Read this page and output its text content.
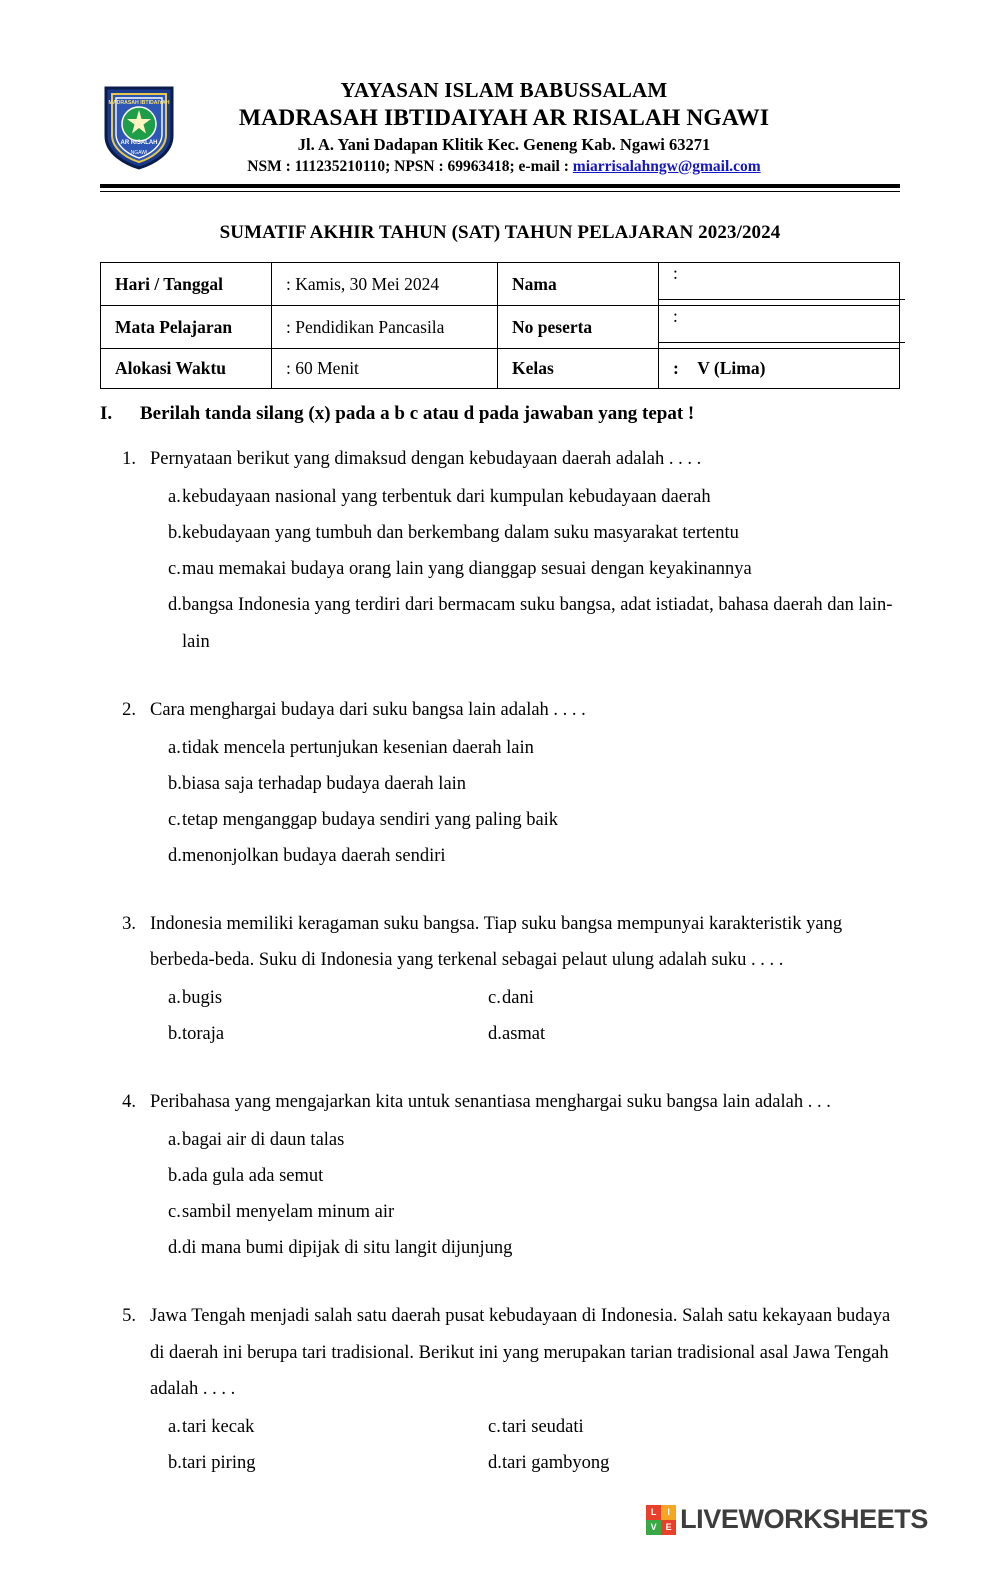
AR RISALAH
MADRASAH IBTIDAIYAH
NGAWI
YAYASAN ISLAM BABUSSALAM
MADRASAH IBTIDAIYAH AR RISALAH NGAWI
Jl. A. Yani Dadapan Klitik Kec. Geneng Kab. Ngawi 63271
NSM : 111235210110; NPSN : 69963418; e-mail : miarrisalahngw@gmail.com
SUMATIF AKHIR TAHUN (SAT) TAHUN PELAJARAN 2023/2024
Hari / Tanggal	: Kamis, 30 Mei 2024	Nama	:
Mata Pelajaran	: Pendidikan Pancasila	No peserta	:
Alokasi Waktu	: 60 Menit	Kelas	: V (Lima)
I.	Berilah tanda silang (x) pada a b c atau d pada jawaban yang tepat !
1. Pernyataan berikut yang dimaksud dengan kebudayaan daerah adalah . . . .
a. kebudayaan nasional yang terbentuk dari kumpulan kebudayaan daerah
b. kebudayaan yang tumbuh dan berkembang dalam suku masyarakat tertentu
c. mau memakai budaya orang lain yang dianggap sesuai dengan keyakinannya
d. bangsa Indonesia yang terdiri dari bermacam suku bangsa, adat istiadat, bahasa daerah dan lain-lain
2. Cara menghargai budaya dari suku bangsa lain adalah . . . .
a. tidak mencela pertunjukan kesenian daerah lain
b. biasa saja terhadap budaya daerah lain
c. tetap menganggap budaya sendiri yang paling baik
d. menonjolkan budaya daerah sendiri
3. Indonesia memiliki keragaman suku bangsa. Tiap suku bangsa mempunyai karakteristik yang berbeda-beda. Suku di Indonesia yang terkenal sebagai pelaut ulung adalah suku . . . .
a. bugis	c. dani
b. toraja	d. asmat
4. Peribahasa yang mengajarkan kita untuk senantiasa menghargai suku bangsa lain adalah . . .
a. bagai air di daun talas
b. ada gula ada semut
c. sambil menyelam minum air
d. di mana bumi dipijak di situ langit dijunjung
5. Jawa Tengah menjadi salah satu daerah pusat kebudayaan di Indonesia. Salah satu kekayaan budaya di daerah ini berupa tari tradisional. Berikut ini yang merupakan tarian tradisional asal Jawa Tengah adalah . . . .
a. tari kecak	c. tari seudati
b. tari piring	d. tari gambyong
L	I
V E LIVEWORKSHEETS
